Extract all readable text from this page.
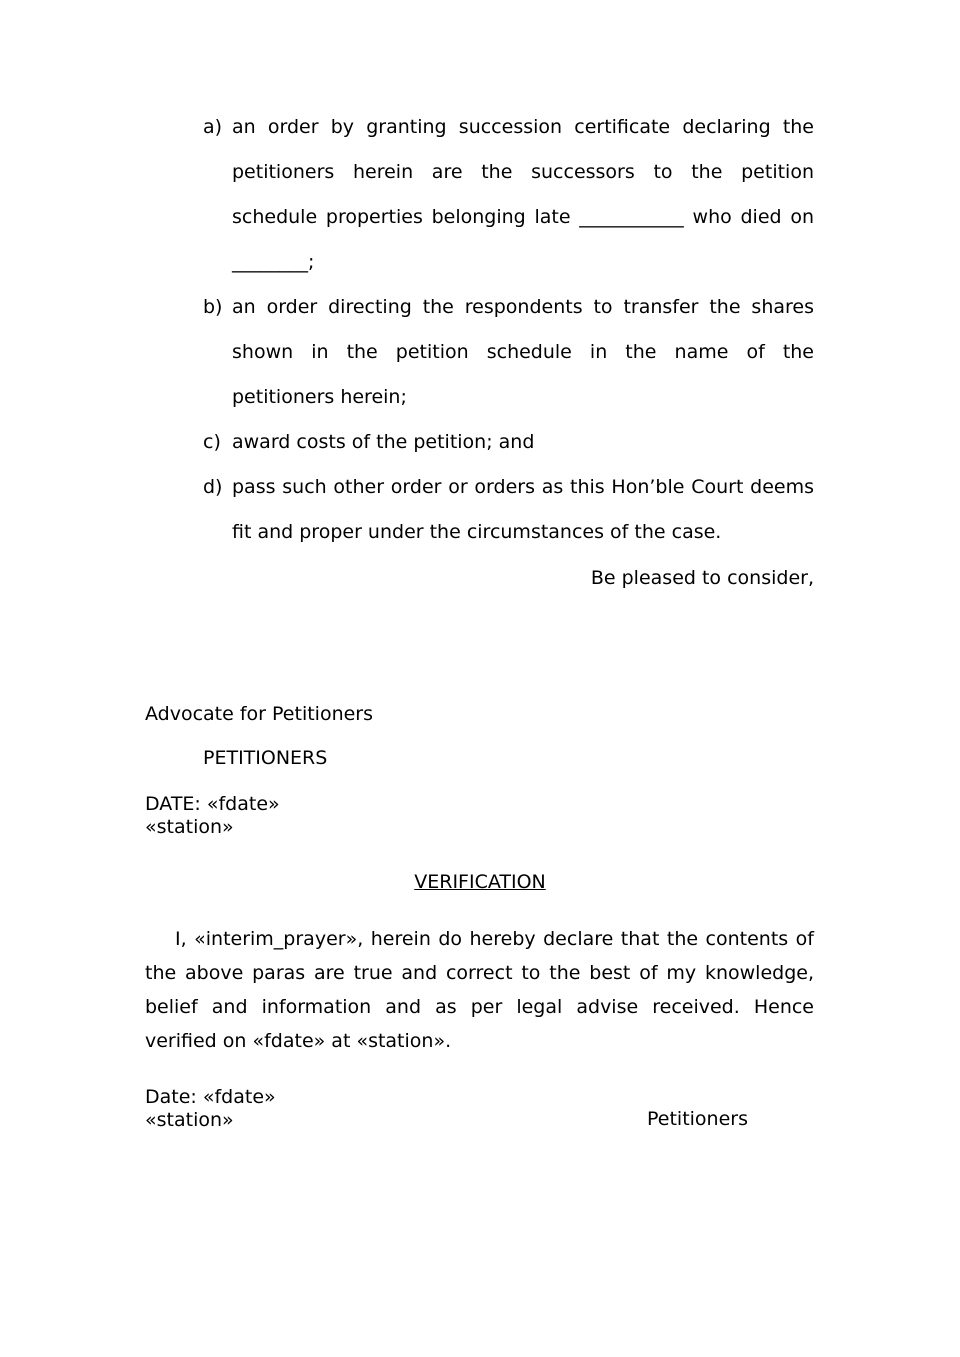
a) an order by granting succession certificate declaring the petitioners herein are the successors to the petition schedule properties belonging late ___________ who died on ________;
b) an order directing the respondents to transfer the shares shown in the petition schedule in the name of the petitioners herein;
c) award costs of the petition; and
d) pass such other order or orders as this Hon’ble Court deems fit and proper under the circumstances of the case.
Be pleased to consider,
Advocate for Petitioners
PETITIONERS
DATE: «fdate»
«station»
VERIFICATION
I, «interim_prayer», herein do hereby declare that the contents of the above paras are true and correct to the best of my knowledge, belief and information and as per legal advise received. Hence verified on «fdate» at «station».
Date: «fdate»
«station»	Petitioners
